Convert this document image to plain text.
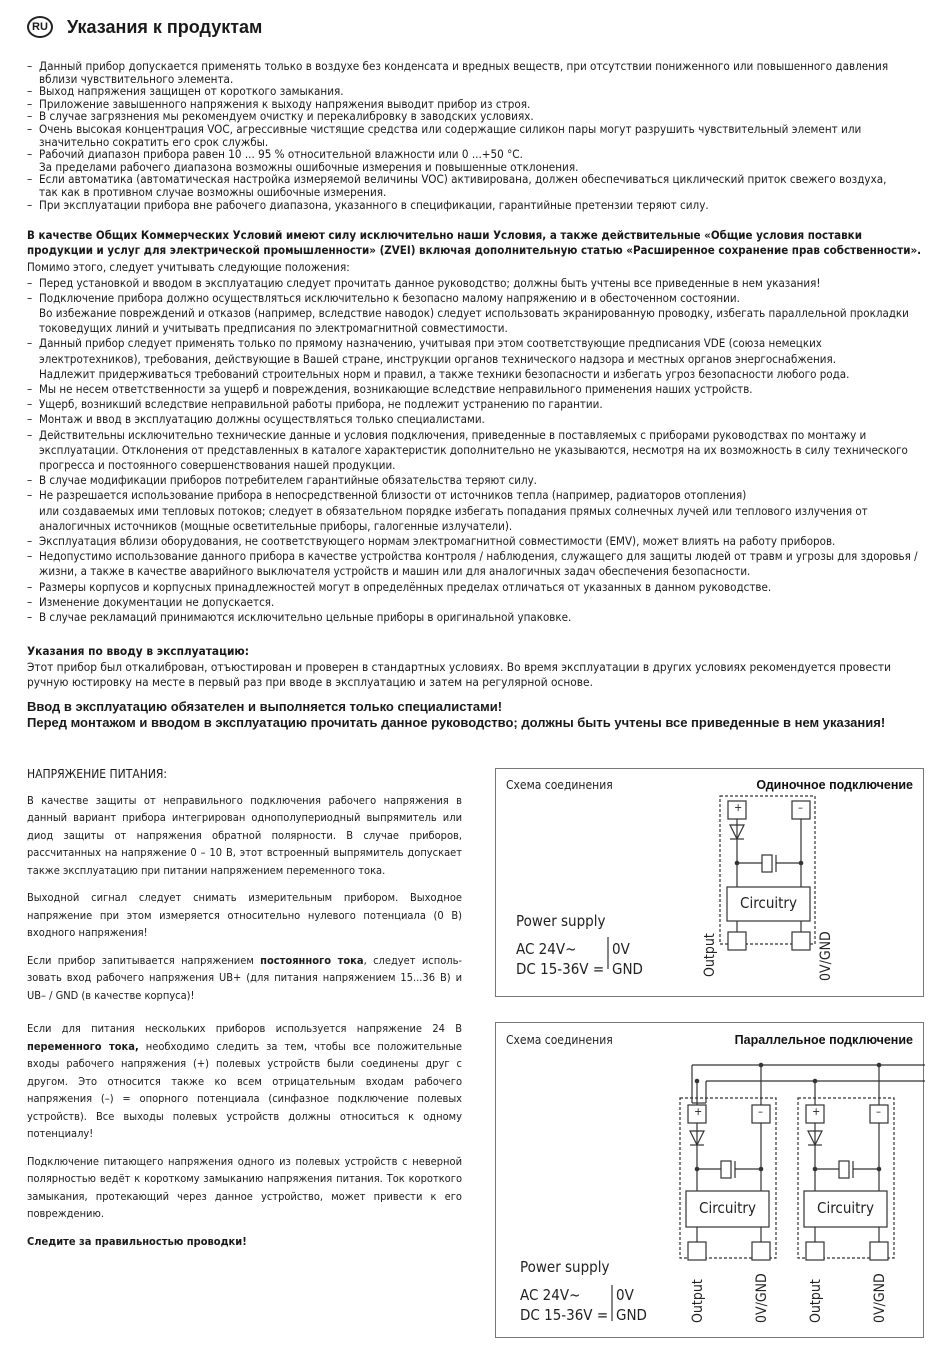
RU Указания к продуктам

– Данный прибор допускается применять только в воздухе без конденсата и вредных веществ, при отсутствии пониженного или повышенного давления вблизи чувствительного элемента.

– Выход напряжения защищен от короткого замыкания.

– Приложение завышенного напряжения к выходу напряжения выводит прибор из строя.

– В случае загрязнения мы рекомендуем очистку и перекалибровку в заводских условиях.

– Очень высокая концентрация VOC, агрессивные чистящие средства или содержащие силикон пары могут разрушить чувствительный элемент или значительно сократить его срок службы.

– Рабочий диапазон прибора равен 10 ... 95 % относительной влажности или 0 ...+50 °C.

За пределами рабочего диапазона возможны ошибочные измерения и повышенные отклонения.

– Если автоматика (автоматическая настройка измеряемой величины VOC) активирована, должен обеспечиваться циклический приток свежего воздуха,

так как в противном случае возможны ошибочные измерения.

– При эксплуатации прибора вне рабочего диапазона, указанного в спецификации, гарантийные претензии теряют силу.

В качестве Общих Коммерческих Условий имеют силу исключительно наши Условия, а также действительные «Общие условия поставки продукции и услуг для электрической промышленности» (ZVEI) включая дополнительную статью «Расширенное сохранение прав собственности».

Помимо этого, следует учитывать следующие положения:

– Перед установкой и вводом в эксплуатацию следует прочитать данное руководство; должны быть учтены все приведенные в нем указания!

– Подключение прибора должно осуществляться исключительно к безопасно малому напряжению и в обесточенном состоянии.

Во избежание повреждений и отказов (например, вследствие наводок) следует использовать экранированную проводку, избегать параллельной прокладки токоведущих линий и учитывать предписания по электромагнитной совместимости.

– Данный прибор следует применять только по прямому назначению, учитывая при этом соответствующие предписания VDE (союза немецких электротехников), требования, действующие в Вашей стране, инструкции органов технического надзора и местных органов энергоснабжения.

Надлежит придерживаться требований строительных норм и правил, а также техники безопасности и избегать угроз безопасности любого рода.

– Мы не несем ответственности за ущерб и повреждения, возникающие вследствие неправильного применения наших устройств.

– Ущерб, возникший вследствие неправильной работы прибора, не подлежит устранению по гарантии.

– Монтаж и ввод в эксплуатацию должны осуществляться только специалистами.

– Действительны исключительно технические данные и условия подключения, приведенные в поставляемых с приборами руководствах по монтажу и эксплуатации. Отклонения от представленных в каталоге характеристик дополнительно не указываются, несмотря на их возможность в силу технического прогресса и постоянного совершенствования нашей продукции.

– В случае модификации приборов потребителем гарантийные обязательства теряют силу.

– Не разрешается использование прибора в непосредственной близости от источников тепла (например, радиаторов отопления)

или создаваемых ими тепловых потоков; следует в обязательном порядке избегать попадания прямых солнечных лучей или теплового излучения от аналогичных источников (мощные осветительные приборы, галогенные излучатели).

– Эксплуатация вблизи оборудования, не соответствующего нормам электромагнитной совместимости (EMV), может влиять на работу приборов.

– Недопустимо использование данного прибора в качестве устройства контроля / наблюдения, служащего для защиты людей от травм и угрозы для здоровья / жизни, а также в качестве аварийного выключателя устройств и машин или для аналогичных задач обеспечения безопасности.

– Размеры корпусов и корпусных принадлежностей могут в определённых пределах отличаться от указанных в данном руководстве.

– Изменение документации не допускается.

– В случае рекламаций принимаются исключительно цельные приборы в оригинальной упаковке.

Указания по вводу в эксплуатацию:

Этот прибор был откалиброван, отъюстирован и проверен в стандартных условиях. Во время эксплуатации в других условиях рекомендуется провести ручную юстировку на месте в первый раз при вводе в эксплуатацию и затем на регулярной основе.

Ввод в эксплуатацию обязателен и выполняется только специалистами!

Перед монтажом и вводом в эксплуатацию прочитать данное руководство; должны быть учтены все приведенные в нем указания!

НАПРЯЖЕНИЕ ПИТАНИЯ:

В качестве защиты от неправильного подключения рабочего напряжения в данный вариант прибора интегрирован однополупериодный выпрямитель или диод защиты от напряжения обратной полярности. В случае приборов, рассчитанных на напряжение 0 – 10 В, этот встроенный выпрямитель допускает также эксплуатацию при питании напряжением переменного тока.

Выходной сигнал следует снимать измерительным прибором. Выходное напряжение при этом измеряется относительно нулевого потенциала (0 В) входного напряжения!

Если прибор запитывается напряжением постоянного тока, следует использовать вход рабочего напряжения UB+ (для питания напряжением 15...36 В) и UB– / GND (в качестве корпуса)!

Если для питания нескольких приборов используется напряжение 24 В переменного тока, необходимо следить за тем, чтобы все положительные входы рабочего напряжения (+) полевых устройств были соединены друг с другом. Это относится также ко всем отрицательным входам рабочего напряжения (–) = опорного потенциала (синфазное подключение полевых устройств). Все выходы полевых устройств должны относиться к одному потенциалу!

Подключение питающего напряжения одного из полевых устройств с неверной полярностью ведёт к короткому замыканию напряжения питания. Ток короткого замыкания, протекающий через данное устройство, может привести к его повреждению.

Следите за правильностью проводки!

Схема соединения	Одиночное подключение
+	–
Circuitry
Power supply
AC 24V~
DC 15-36V =
0V
GND	Output	0V/GND
Схема соединения	Параллельное подключение
+	–	+	–
Circuitry	Circuitry
Power supply
AC 24V~
DC 15-36V =
0V
GND	Output	0V/GND	Output	0V/GND
